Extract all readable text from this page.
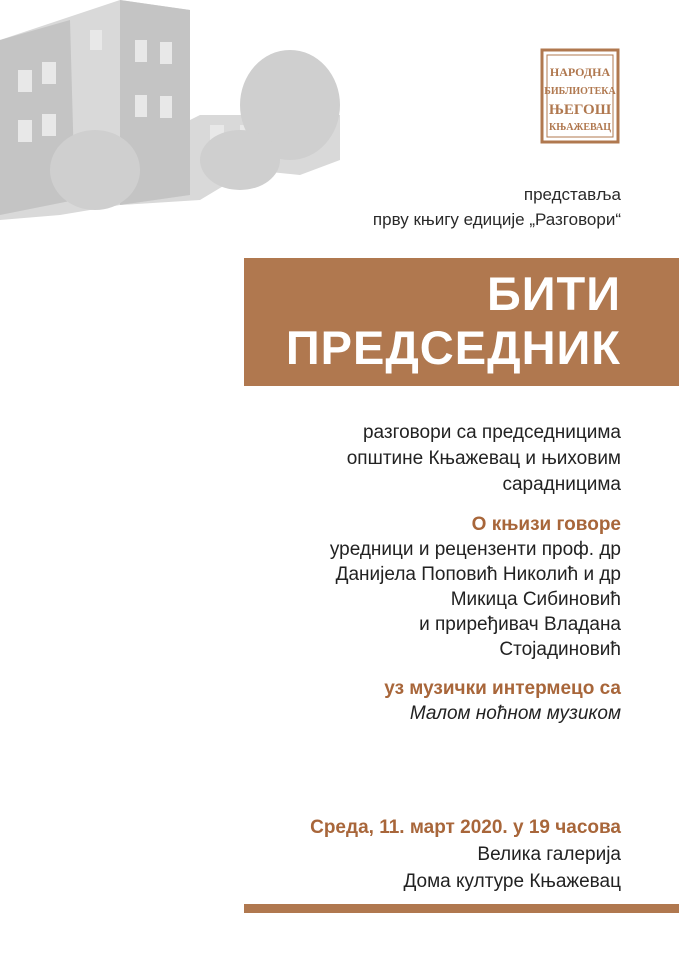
НАРОДНА
БИБЛИОТЕКА
ЊЕГОШ
КЊАЖЕВАЦ
представља
прву књигу едиције „Разговори“
БИТИ
ПРЕДСЕДНИК
разговори са председницима
општине Књажевац и њиховим
сарадницима
О књизи говоре
уредници и рецензенти проф. др
Данијела Поповић Николић и др
Микица Сибиновић
и приређивач Владана
Стојадиновић
уз музички интермецо са
Малом ноћном музиком
Среда, 11. март 2020. у 19 часова
Велика галерија
Дома културе Књажевац
